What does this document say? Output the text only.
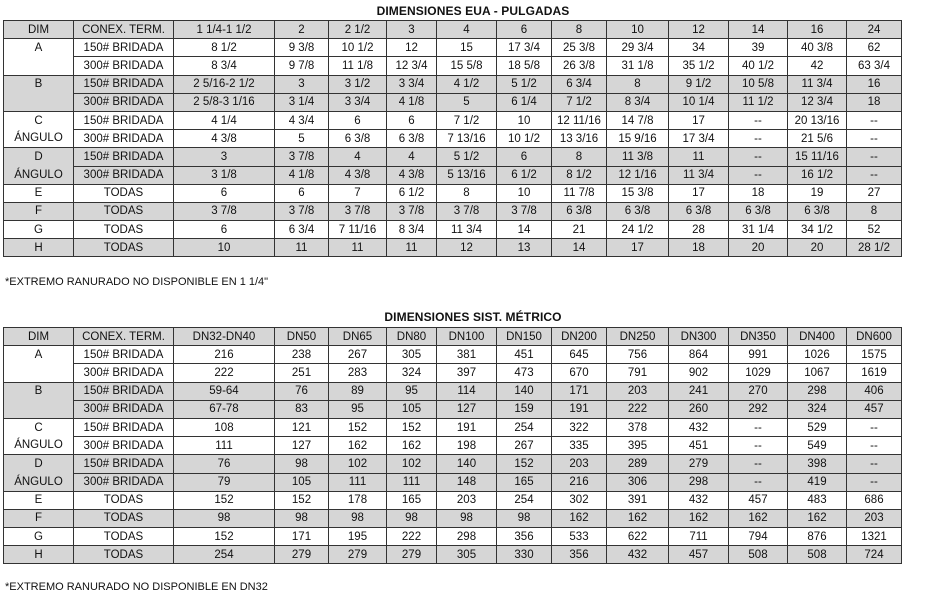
DIMENSIONES EUA - PULGADAS
DIM	CONEX. TERM.	1 1/4-1 1/2	2	2 1/2	3	4	6	8	10	12	14	16	24
A	150# BRIDADA	8 1/2	9 3/8	10 1/2	12	15	17 3/4	25 3/8	29 3/4	34	39	40 3/8	62
	300# BRIDADA	8 3/4	9 7/8	11 1/8	12 3/4	15 5/8	18 5/8	26 3/8	31 1/8	35 1/2	40 1/2	42	63 3/4
B	150# BRIDADA	2 5/16-2 1/2	3	3 1/2	3 3/4	4 1/2	5 1/2	6 3/4	8	9 1/2	10 5/8	11 3/4	16
	300# BRIDADA	2 5/8-3 1/16	3 1/4	3 3/4	4 1/8	5	6 1/4	7 1/2	8 3/4	10 1/4	11 1/2	12 3/4	18
C	150# BRIDADA	4 1/4	4 3/4	6	6	7 1/2	10	12 11/16	14 7/8	17	--	20 13/16	--
ÁNGULO	300# BRIDADA	4 3/8	5	6 3/8	6 3/8	7 13/16	10 1/2	13 3/16	15 9/16	17 3/4	--	21 5/6	--
D	150# BRIDADA	3	3 7/8	4	4	5 1/2	6	8	11 3/8	11	--	15 11/16	--
ÁNGULO	300# BRIDADA	3 1/8	4 1/8	4 3/8	4 3/8	5 13/16	6 1/2	8 1/2	12 1/16	11 3/4	--	16 1/2	--
E	TODAS	6	6	7	6 1/2	8	10	11 7/8	15 3/8	17	18	19	27
F	TODAS	3 7/8	3 7/8	3 7/8	3 7/8	3 7/8	3 7/8	6 3/8	6 3/8	6 3/8	6 3/8	6 3/8	8
G	TODAS	6	6 3/4	7 11/16	8 3/4	11 3/4	14	21	24 1/2	28	31 1/4	34 1/2	52
H	TODAS	10	11	11	11	12	13	14	17	18	20	20	28 1/2
*EXTREMO RANURADO NO DISPONIBLE EN 1 1/4"
DIMENSIONES SIST. MÉTRICO
DIM	CONEX. TERM.	DN32-DN40	DN50	DN65	DN80	DN100	DN150	DN200	DN250	DN300	DN350	DN400	DN600
A	150# BRIDADA	216	238	267	305	381	451	645	756	864	991	1026	1575
	300# BRIDADA	222	251	283	324	397	473	670	791	902	1029	1067	1619
B	150# BRIDADA	59-64	76	89	95	114	140	171	203	241	270	298	406
	300# BRIDADA	67-78	83	95	105	127	159	191	222	260	292	324	457
C	150# BRIDADA	108	121	152	152	191	254	322	378	432	--	529	--
ÁNGULO	300# BRIDADA	111	127	162	162	198	267	335	395	451	--	549	--
D	150# BRIDADA	76	98	102	102	140	152	203	289	279	--	398	--
ÁNGULO	300# BRIDADA	79	105	111	111	148	165	216	306	298	--	419	--
E	TODAS	152	152	178	165	203	254	302	391	432	457	483	686
F	TODAS	98	98	98	98	98	98	162	162	162	162	162	203
G	TODAS	152	171	195	222	298	356	533	622	711	794	876	1321
H	TODAS	254	279	279	279	305	330	356	432	457	508	508	724
*EXTREMO RANURADO NO DISPONIBLE EN DN32
